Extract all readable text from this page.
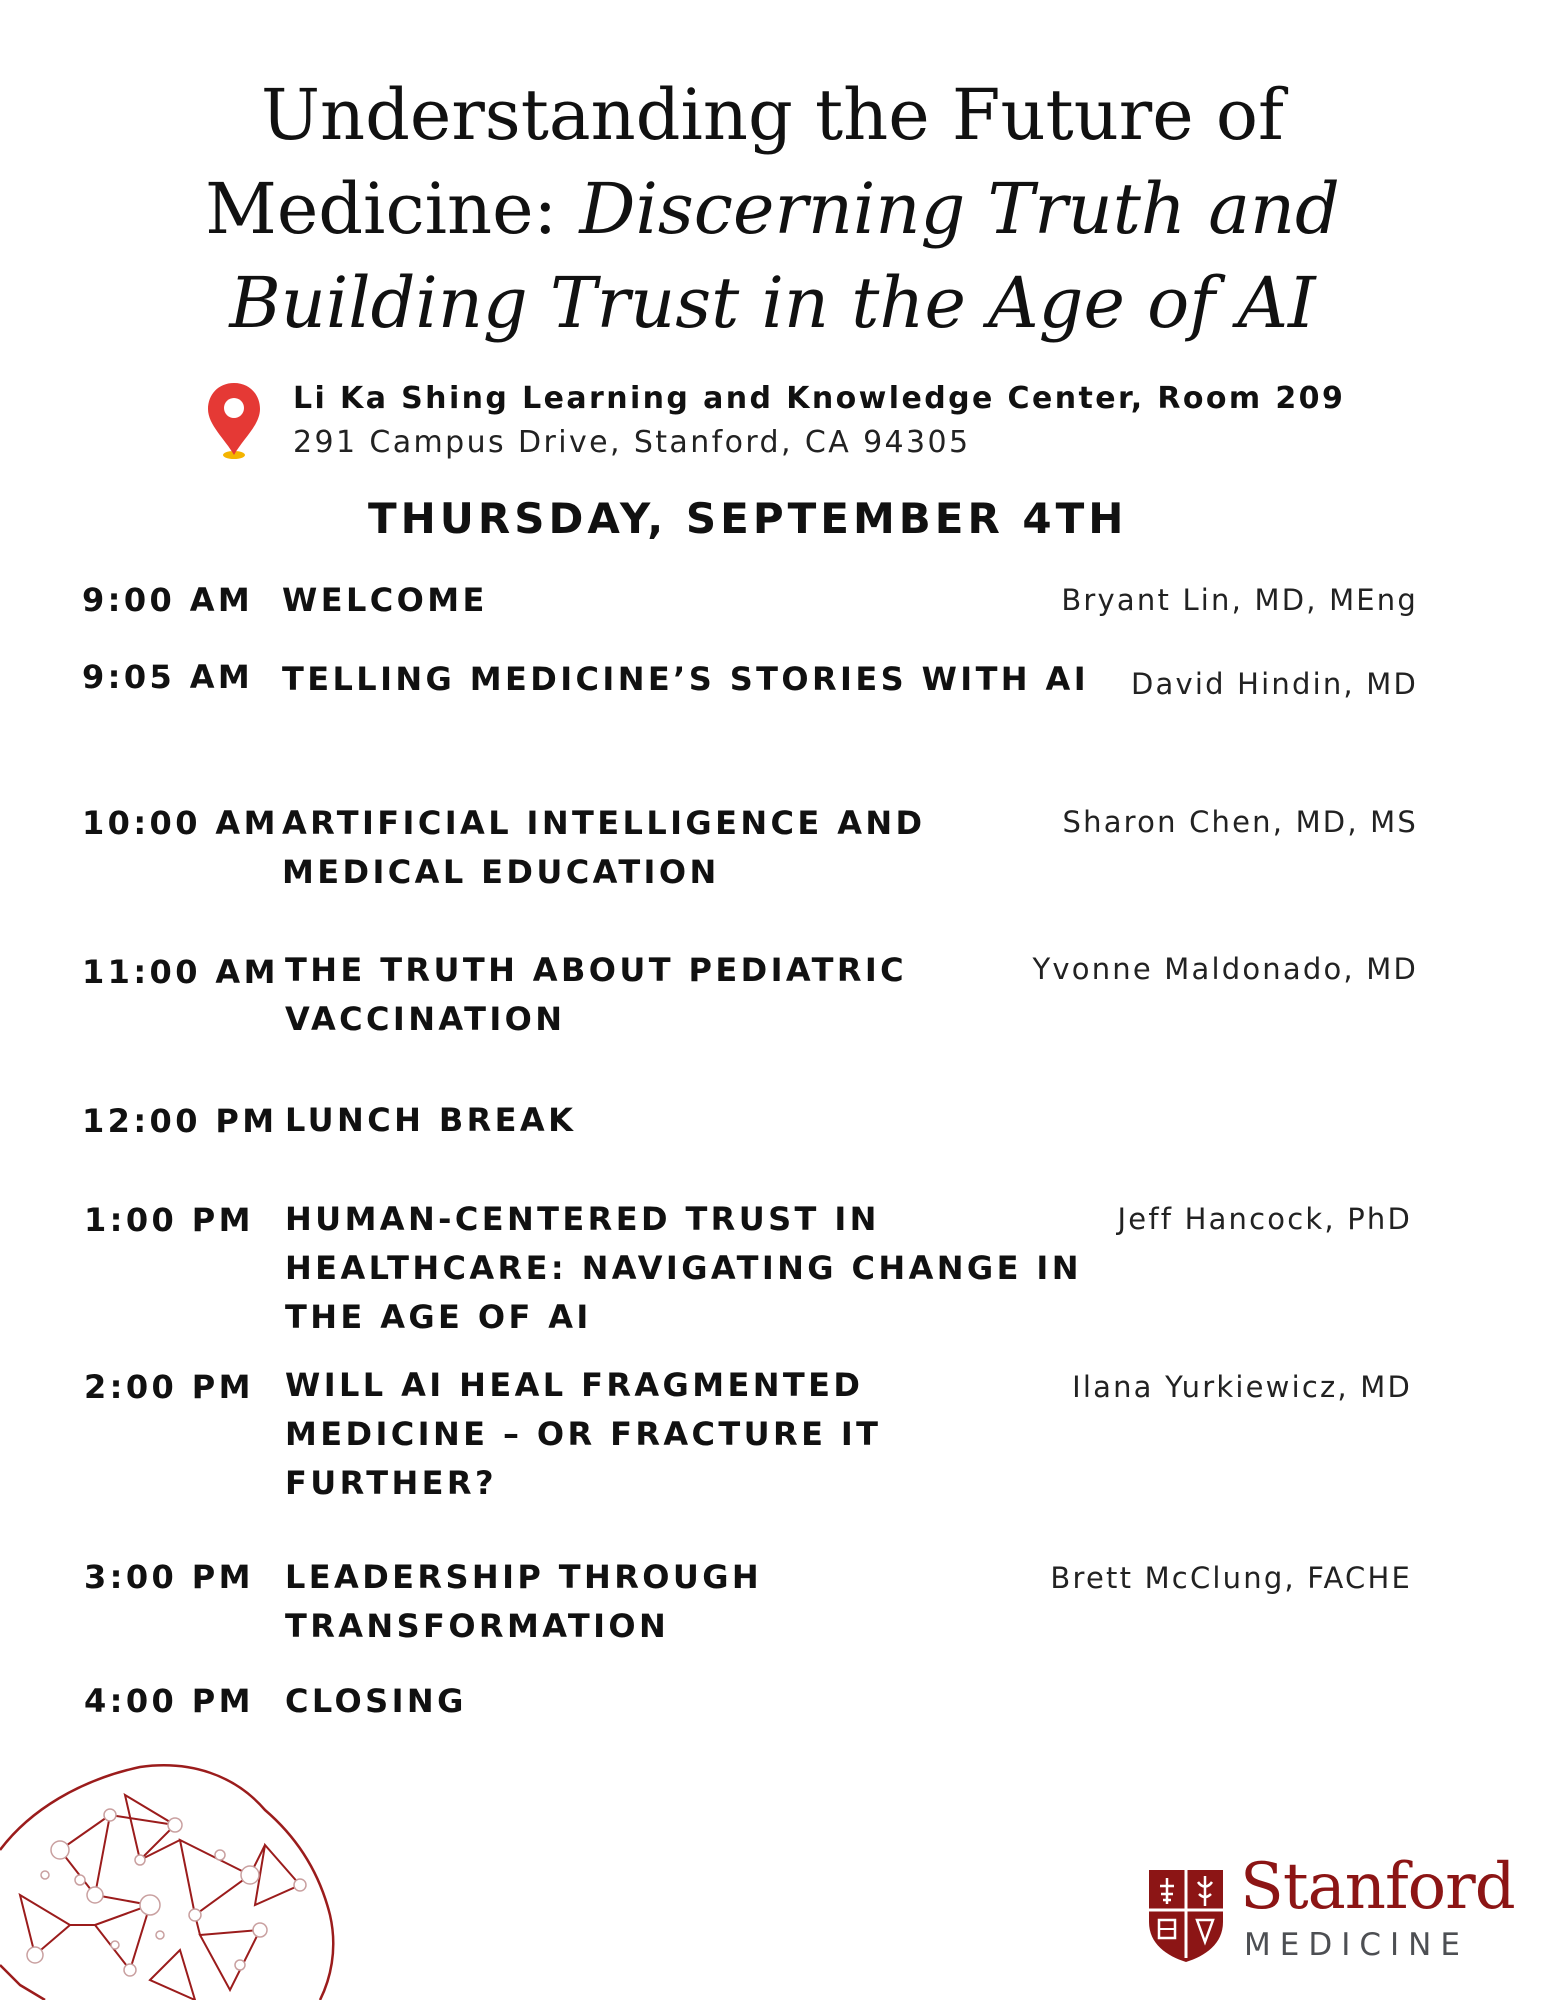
Understanding the Future of
Medicine: Discerning Truth and
Building Trust in the Age of AI
Li Ka Shing Learning and Knowledge Center, Room 209
291 Campus Drive, Stanford, CA 94305
THURSDAY, SEPTEMBER 4TH
9:00 AM WELCOME	Bryant Lin, MD, MEng
9:05 AM TELLING MEDICINE’S STORIES WITH AI David Hindin, MD
10:00 AM ARTIFICIAL INTELLIGENCE AND
MEDICAL EDUCATION
Sharon Chen, MD, MS
11:00 AM THE TRUTH ABOUT PEDIATRIC
VACCINATION
Yvonne Maldonado, MD
12:00 PM LUNCH BREAK
1:00 PM HUMAN-CENTERED TRUST IN
HEALTHCARE: NAVIGATING CHANGE IN
THE AGE OF AI
Jeff Hancock, PhD
2:00 PM WILL AI HEAL FRAGMENTED
MEDICINE – OR FRACTURE IT
FURTHER?
Ilana Yurkiewicz, MD
3:00 PM LEADERSHIP THROUGH
TRANSFORMATION
Brett McClung, FACHE
4:00 PM CLOSING
Stanford
MEDICINE
